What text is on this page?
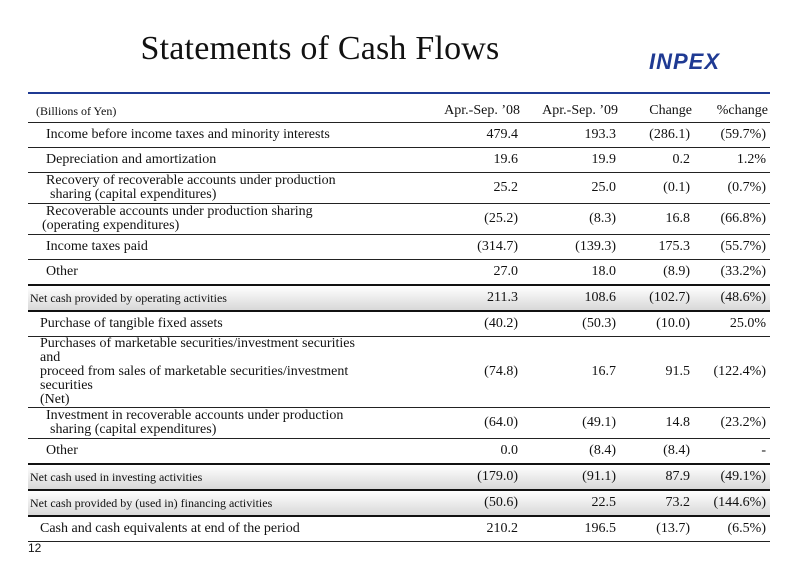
Statements of Cash Flows	INPEX
(Billions of Yen)	Apr.-Sep. ’08	Apr.-Sep. ’09	Change	%change

Income before income taxes and minority interests	479.4	193.3	(286.1)	(59.7%)

Depreciation and amortization	19.6	19.9	0.2	1.2%

Recovery of recoverable accounts under production
sharing (capital expenditures)	25.2	25.0	(0.1)	(0.7%)

Recoverable accounts under production sharing
(operating expenditures)	(25.2)	(8.3)	16.8	(66.8%)

Income taxes paid	(314.7)	(139.3)	175.3	(55.7%)

Other	27.0	18.0	(8.9)	(33.2%)
Net cash provided by operating activities	211.3	108.6	(102.7)	(48.6%)

Purchase of tangible fixed assets	(40.2)	(50.3)	(10.0)	25.0%

Purchases of marketable securities/investment securities and
proceed from sales of marketable securities/investment securities
(Net)	(74.8)	16.7	91.5	(122.4%)

Investment in recoverable accounts under production
sharing (capital expenditures)	(64.0)	(49.1)	14.8	(23.2%)

Other	0.0	(8.4)	(8.4)	-
Net cash used in investing activities	(179.0)	(91.1)	87.9	(49.1%)
Net cash provided by (used in) financing activities	(50.6)	22.5	73.2	(144.6%)

Cash and cash equivalents at end of the period	210.2	196.5	(13.7)	(6.5%)
12
